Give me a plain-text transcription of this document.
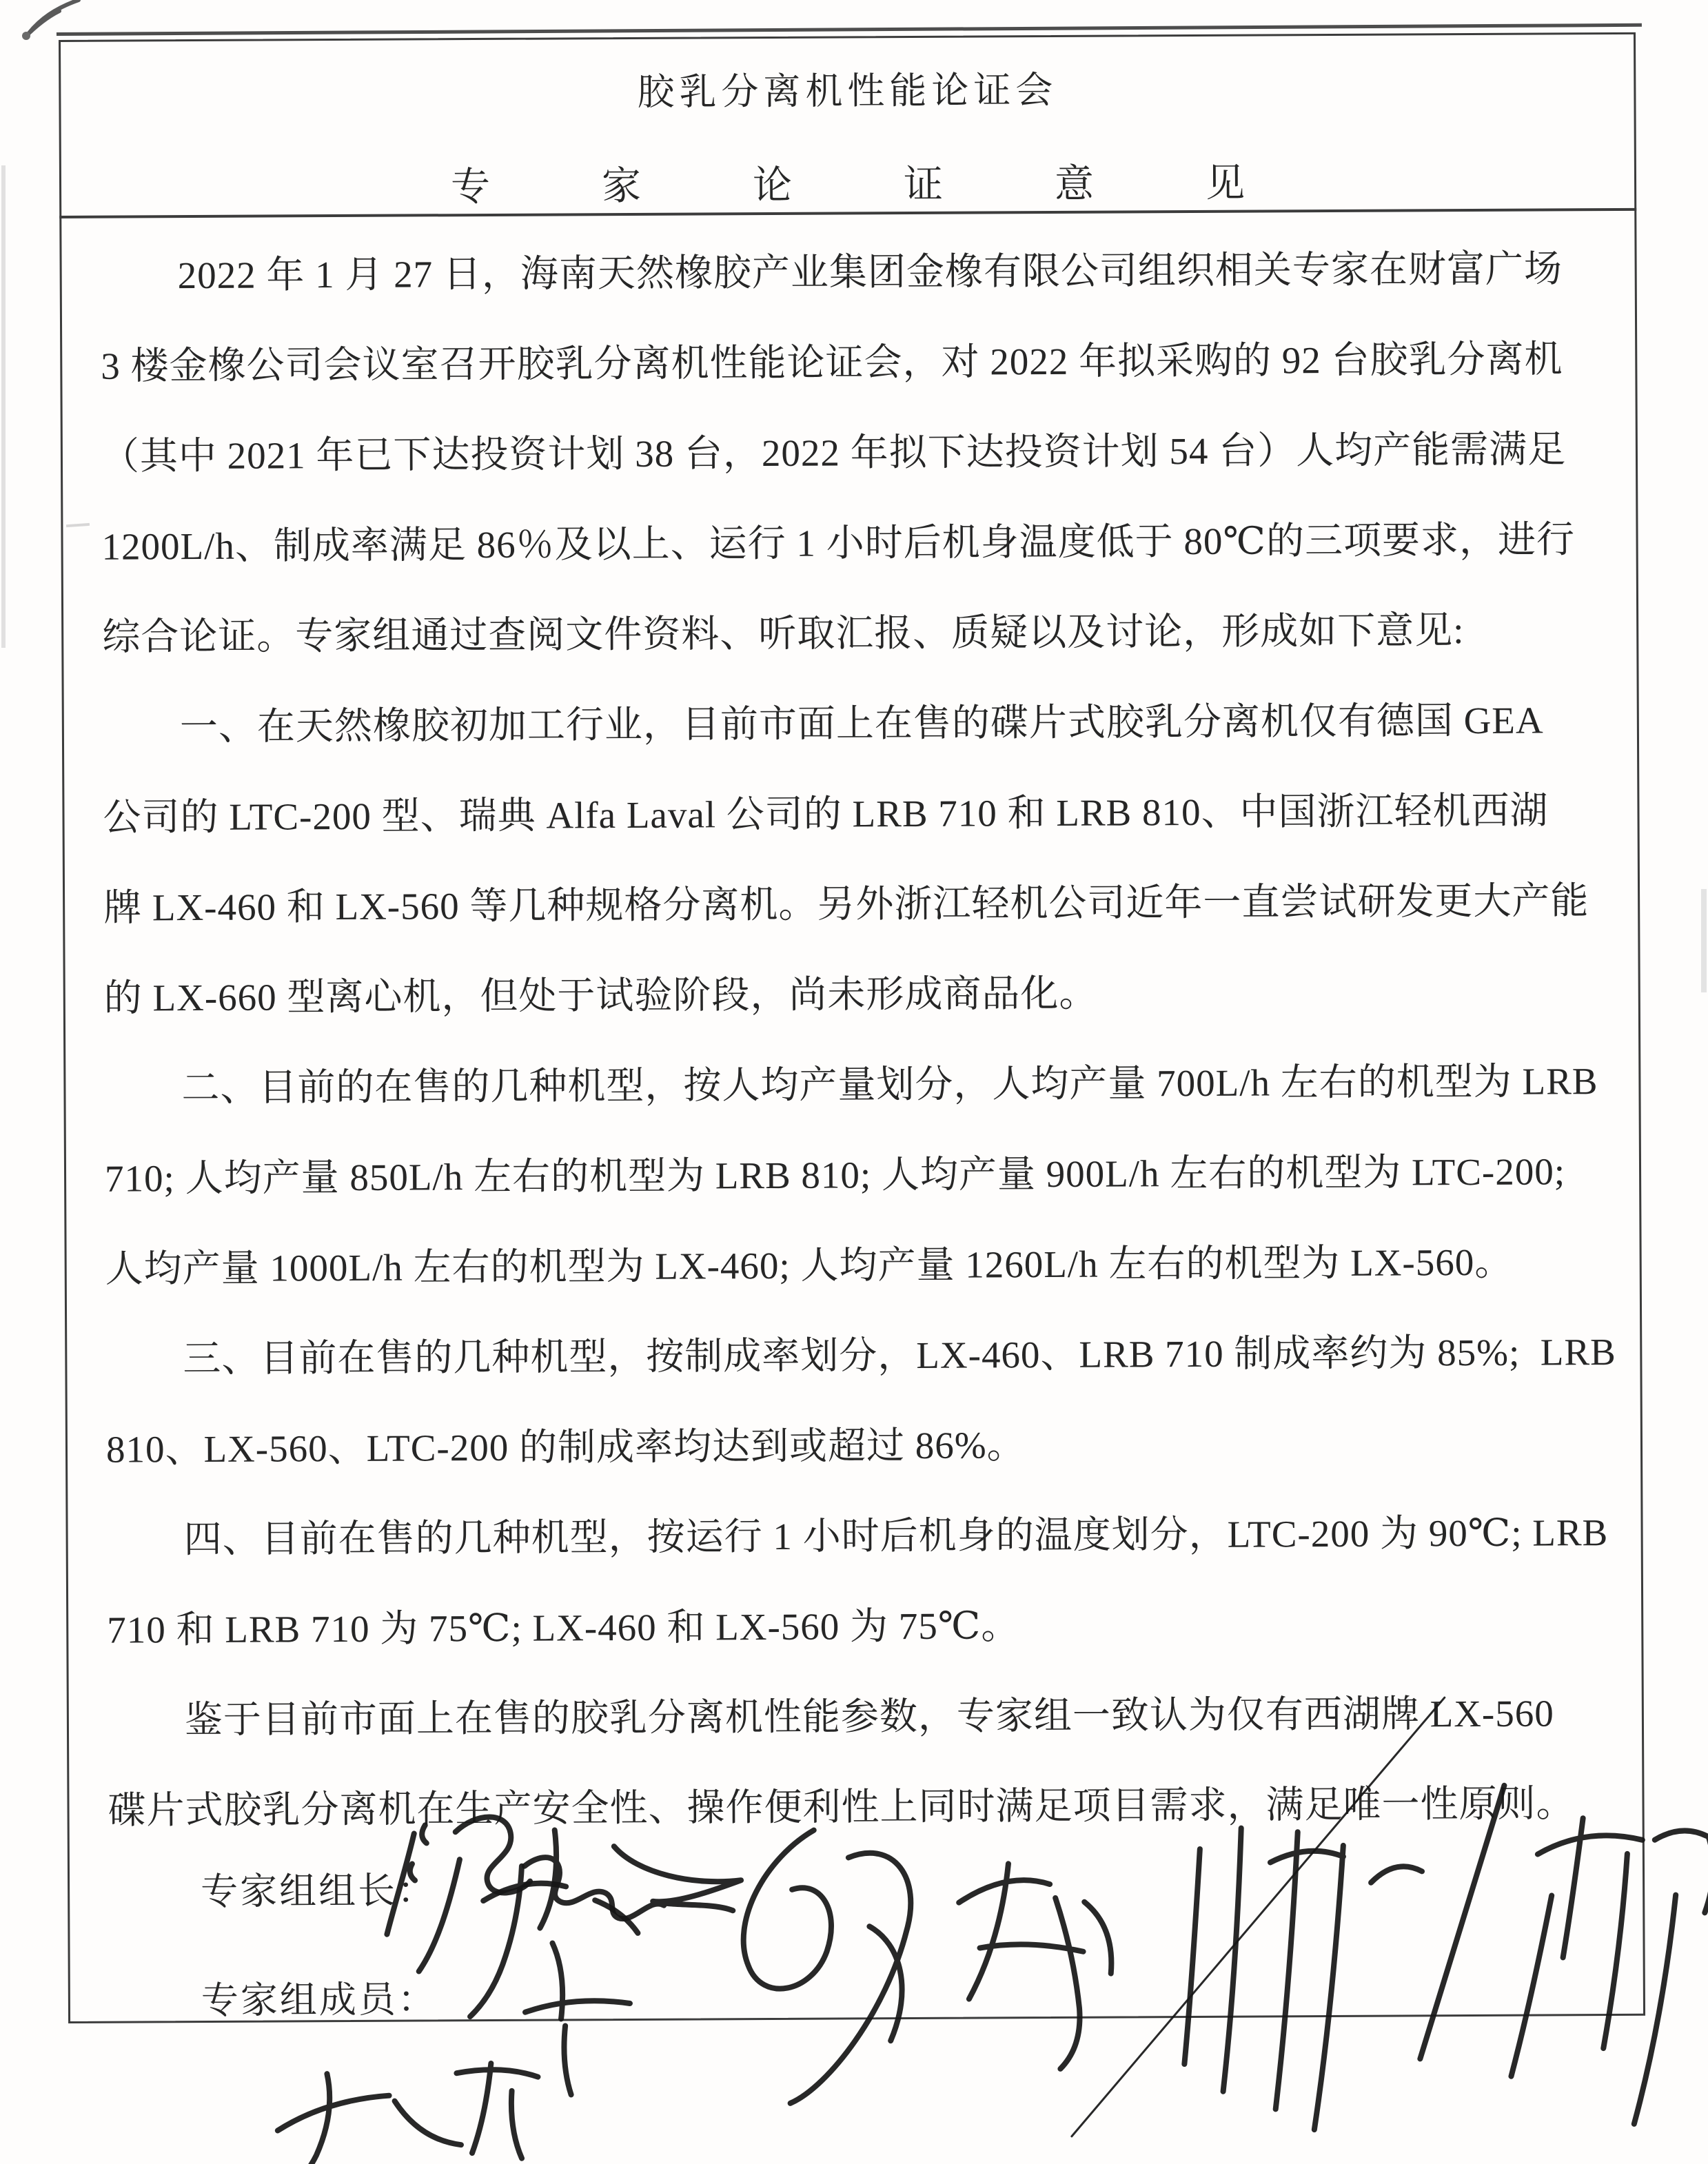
胶乳分离机性能论证会
专家论证意见
2022 年 1 月 27 日，海南天然橡胶产业集团金橡有限公司组织相关专家在财富广场
3 楼金橡公司会议室召开胶乳分离机性能论证会，对 2022 年拟采购的 92 台胶乳分离机
（其中 2021 年已下达投资计划 38 台，2022 年拟下达投资计划 54 台）人均产能需满足
1200L/h、制成率满足 86％及以上、运行 1 小时后机身温度低于 80℃的三项要求，进行
综合论证。专家组通过查阅文件资料、听取汇报、质疑以及讨论，形成如下意见:
一、在天然橡胶初加工行业，目前市面上在售的碟片式胶乳分离机仅有德国 GEA
公司的 LTC-200 型、瑞典 Alfa Laval 公司的 LRB 710 和 LRB 810、中国浙江轻机西湖
牌 LX-460 和 LX-560 等几种规格分离机。另外浙江轻机公司近年一直尝试研发更大产能
的 LX-660 型离心机，但处于试验阶段，尚未形成商品化。
二、目前的在售的几种机型，按人均产量划分，人均产量 700L/h 左右的机型为 LRB
710; 人均产量 850L/h 左右的机型为 LRB 810; 人均产量 900L/h 左右的机型为 LTC-200;
人均产量 1000L/h 左右的机型为 LX-460; 人均产量 1260L/h 左右的机型为 LX-560。
三、目前在售的几种机型，按制成率划分，LX-460、LRB 710 制成率约为 85%;  LRB
810、LX-560、LTC-200 的制成率均达到或超过 86%。
四、目前在售的几种机型，按运行 1 小时后机身的温度划分，LTC-200 为 90℃; LRB
710 和 LRB 710 为 75℃; LX-460 和 LX-560 为 75℃。
鉴于目前市面上在售的胶乳分离机性能参数，专家组一致认为仅有西湖牌 LX-560
碟片式胶乳分离机在生产安全性、操作便利性上同时满足项目需求，满足唯一性原则。
专家组组长：
专家组成员：
